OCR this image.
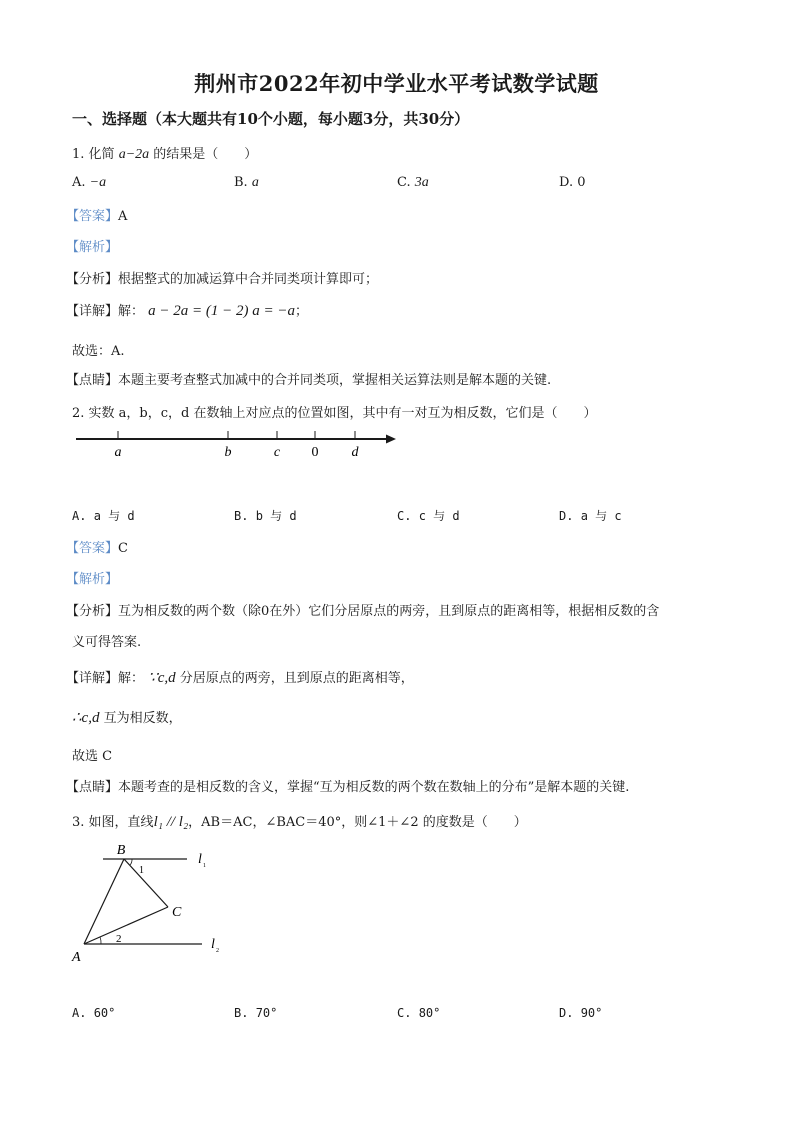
荆州市2022年初中学业水平考试数学试题
一、选择题（本大题共有10个小题，每小题3分，共30分）
1. 化简 a−2a 的结果是（　　）
A. −a	B. a	C. 3a	D. 0
【答案】A
【解析】
【分析】根据整式的加减运算中合并同类项计算即可；
【详解】解： a − 2a = (1 − 2) a = −a；
故选：A.
【点睛】本题主要考查整式加减中的合并同类项，掌握相关运算法则是解本题的关键.
2. 实数 a，b，c，d 在数轴上对应点的位置如图，其中有一对互为相反数，它们是（　　）
a	b	c 0 d
A. a 与 d	B. b 与 d	C. c 与 d	D. a 与 c
【答案】C
【解析】
【分析】互为相反数的两个数（除0在外）它们分居原点的两旁，且到原点的距离相等，根据相反数的含
义可得答案.
【详解】解： ∵c,d 分居原点的两旁，且到原点的距离相等，
∴c,d 互为相反数，
故选 C
【点睛】本题考查的是相反数的含义，掌握“互为相反数的两个数在数轴上的分布”是解本题的关键.
3. 如图，直线l₁ // l₂，AB＝AC，∠BAC＝40°，则∠1＋∠2 的度数是（　　）
B
C
A
1
2
l 1
l 2
A. 60°	B. 70°	C. 80°	D. 90°
